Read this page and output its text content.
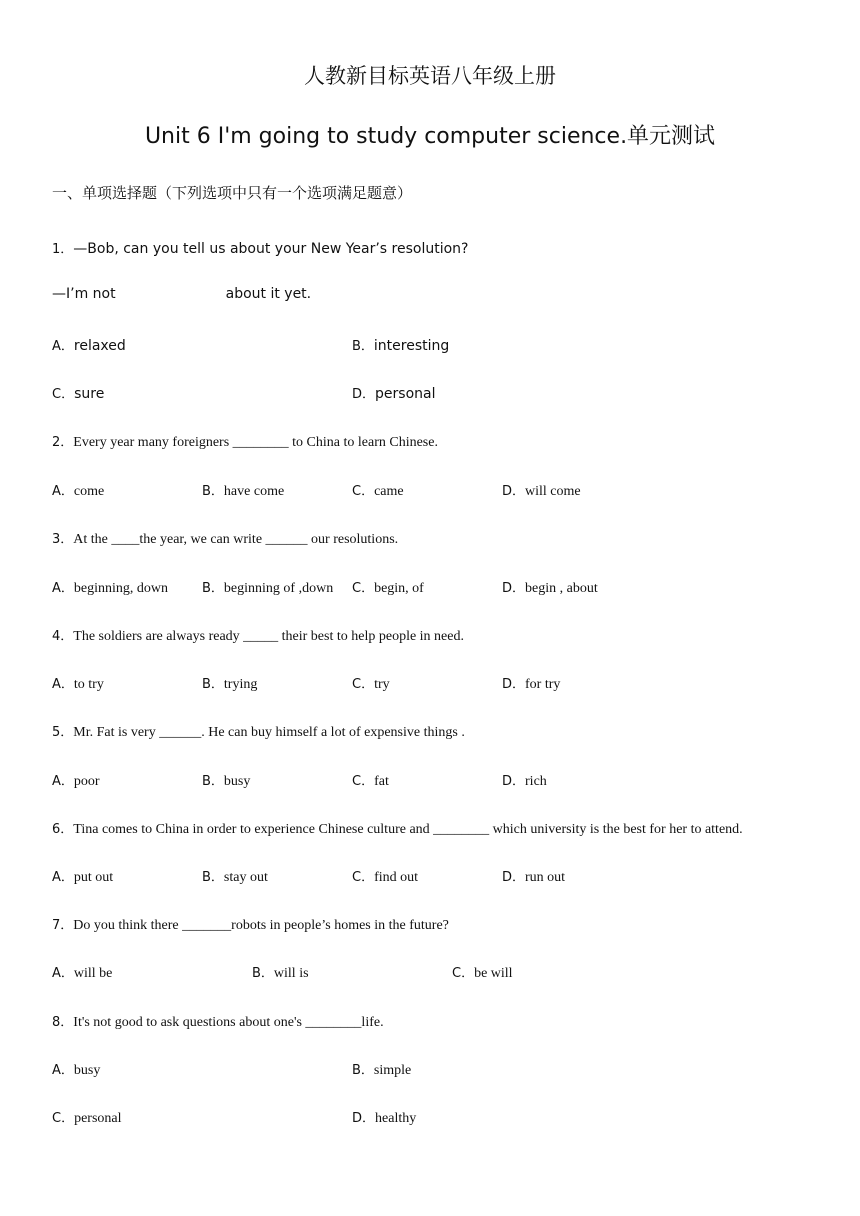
人教新目标英语八年级上册
Unit 6 I'm going to study computer science.单元测试
一、单项选择题（下列选项中只有一个选项满足题意）
1．—Bob, can you tell us about your New Year’s resolution?
—I’m not	about it yet.
A．relaxed	B．interesting
C．sure	D．personal
2．Every year many foreigners ________ to China to learn Chinese.
A．come	B．have come	C．came	D．will come
3．At the ____the year, we can write ______ our resolutions.
A．beginning, down	B．beginning of ,down C．begin, of	D．begin , about
4．The soldiers are always ready _____ their best to help people in need.
A．to try	B．trying	C．try	D．for try
5．Mr. Fat is very ______. He can buy himself a lot of expensive things .
A．poor	B．busy	C．fat	D．rich
6．Tina comes to China in order to experience Chinese culture and ________ which university is the best for her to attend.
A．put out	B．stay out	C．find out	D．run out
7．Do you think there _______robots in people’s homes in the future?
A．will be	B．will is	C．be will
8．It's not good to ask questions about one's ________life.
A．busy	B．simple
C．personal	D．healthy
